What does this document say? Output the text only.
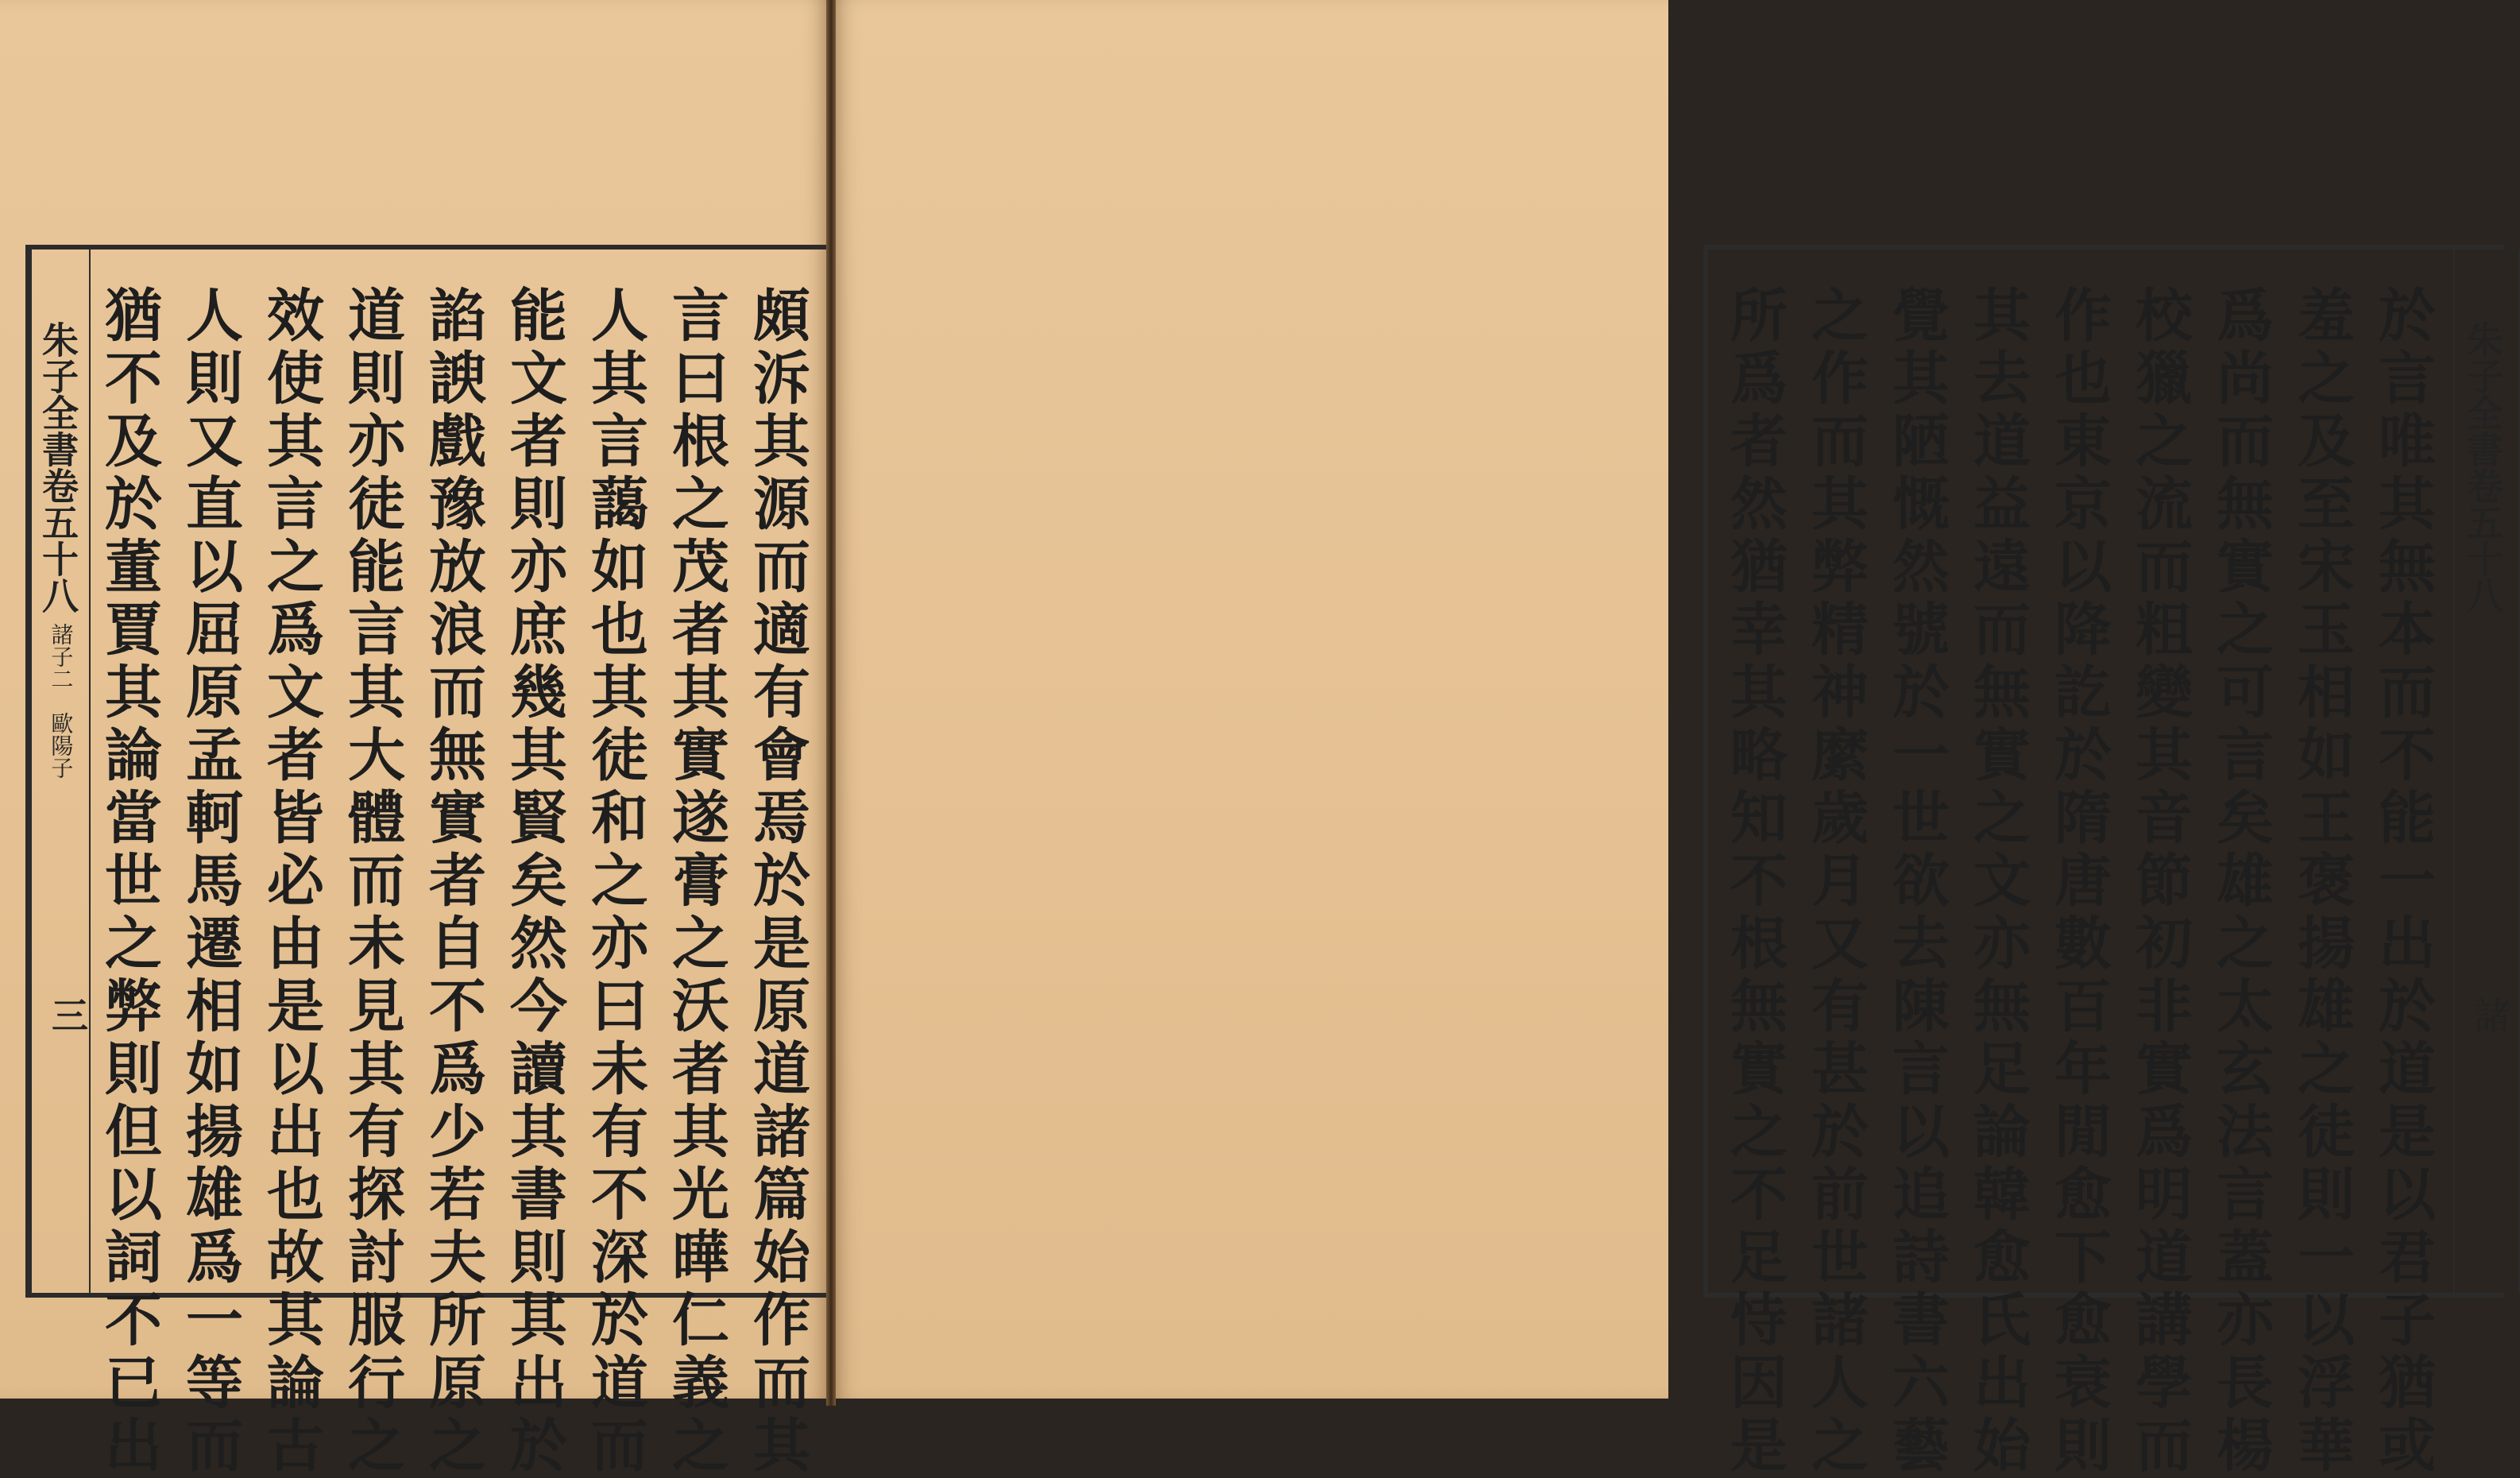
朱子全書卷五十八
諸子二　歐陽子
三 猶不及於董賈其論當世之弊則但以詞不已出 人則又直以屈原孟軻馬遷相如揚雄爲一等而 效使其言之爲文者皆必由是以出也故其論古 道則亦徒能言其大體而未見其有探討服行之 諂諛戲豫放浪而無實者自不爲少若夫所原之 能文者則亦庶幾其賢矣然今讀其書則其出於 人其言藹如也其徒和之亦曰未有不深於道而 言曰根之茂者其實遂膏之沃者其光曄仁義之 頗泝其源而適有會焉於是原道諸篇始作而其	所爲者然猶幸其略知不根無實之不足恃因是 之作而其弊精神縻歲月又有甚於前世諸人之 覺其陋慨然號於一世欲去陳言以追詩書六藝 其去道益遠而無實之文亦無足論韓愈氏出始 作也東京以降訖於隋唐數百年閒愈下愈衰則 校獵之流而粗變其音節初非實爲明道講學而 爲尚而無實之可言矣雄之太玄法言蓋亦長楊 羞之及至宋玉相如王褒揚雄之徒則一以浮華 於言唯其無本而不能一出於道是以君子猶或 朱子全書卷五十八
諸
